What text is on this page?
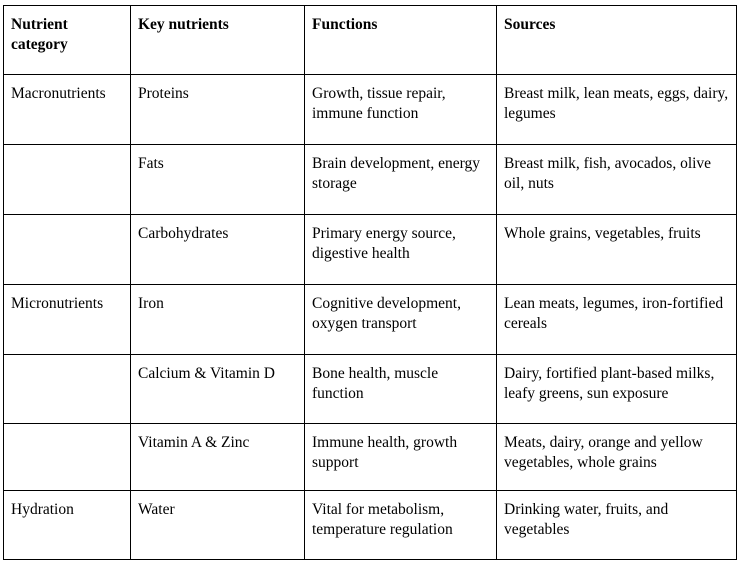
Nutrient category	Key nutrients	Functions	Sources
Macronutrients	Proteins	Growth, tissue repair, immune function	Breast milk, lean meats, eggs, dairy, legumes
	Fats	Brain development, energy storage	Breast milk, fish, avocados, olive oil, nuts
	Carbohydrates	Primary energy source, digestive health	Whole grains, vegetables, fruits
Micronutrients	Iron	Cognitive development, oxygen transport	Lean meats, legumes, iron-fortified cereals
	Calcium & Vitamin D	Bone health, muscle function	Dairy, fortified plant-based milks, leafy greens, sun exposure
	Vitamin A & Zinc	Immune health, growth support	Meats, dairy, orange and yellow vegetables, whole grains
Hydration	Water	Vital for metabolism, temperature regulation	Drinking water, fruits, and vegetables
